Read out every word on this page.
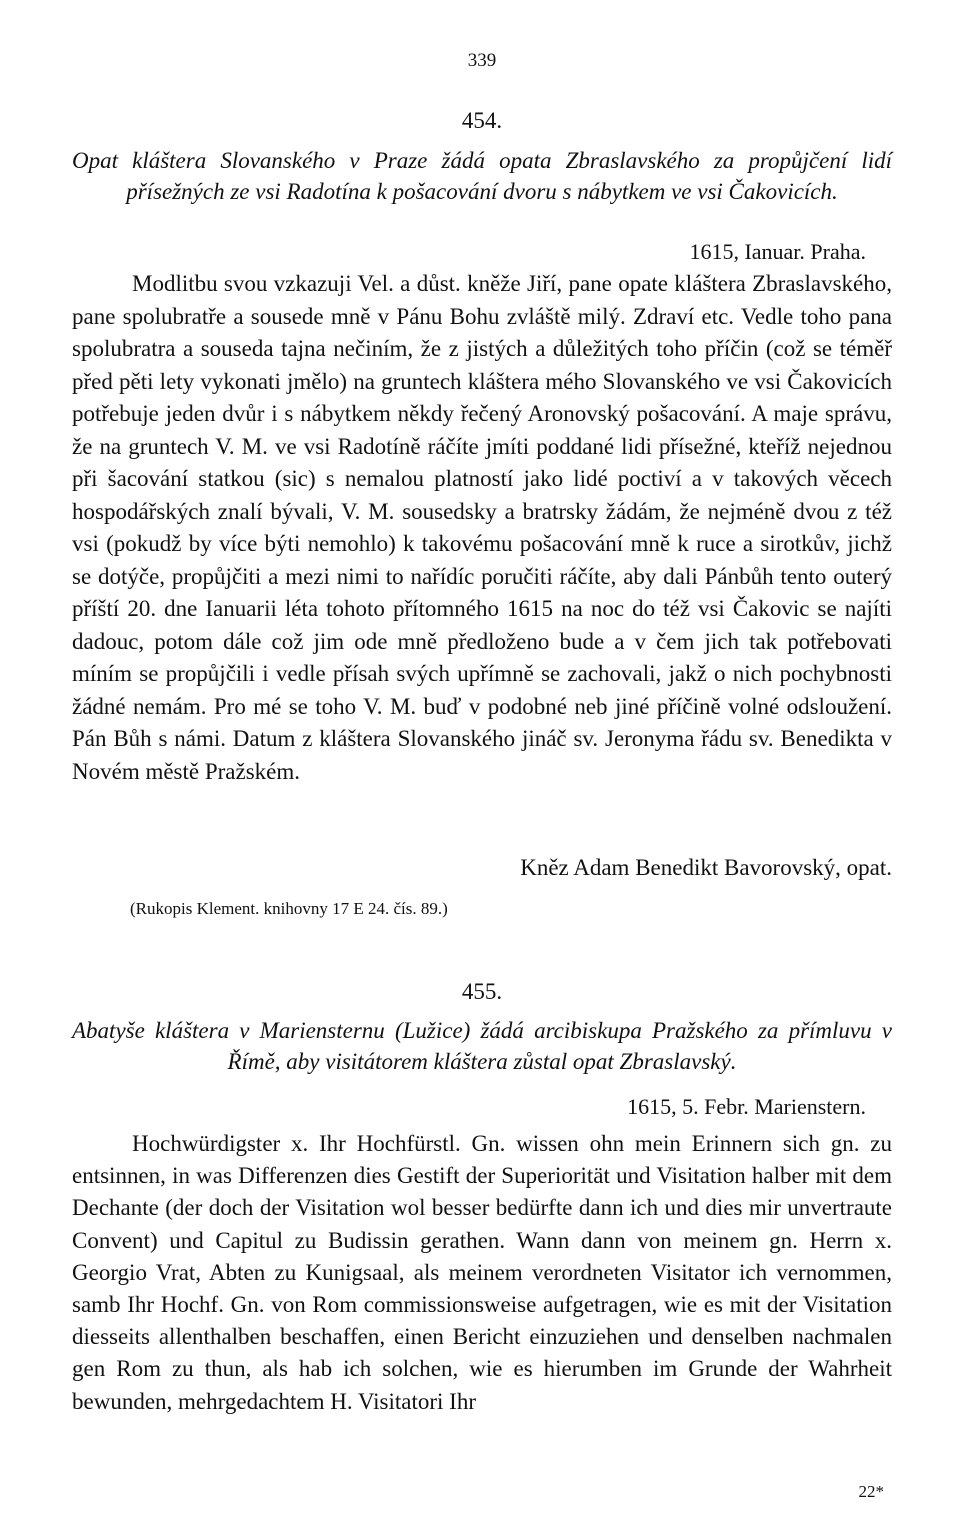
339
454.
Opat kláštera Slovanského v Praze žádá opata Zbraslavského za propůjčení lidí přísežných ze vsi Radotína k pošacování dvoru s nábytkem ve vsi Čakovicích.
1615, Ianuar. Praha.
Modlitbu svou vzkazuji Vel. a důst. kněže Jiří, pane opate kláštera Zbraslavského, pane spolubratře a sousede mně v Pánu Bohu zvláště milý. Zdraví etc. Vedle toho pana spolubratra a souseda tajna nečiním, že z jistých a důležitých toho příčin (což se téměř před pěti lety vykonati jmělo) na gruntech kláštera mého Slovanského ve vsi Čakovicích potřebuje jeden dvůr i s nábytkem někdy řečený Aronovský pošacování. A maje správu, že na gruntech V. M. ve vsi Radotíně ráčíte jmíti poddané lidi přísežné, kteříž nejednou při šacování statkou (sic) s nemalou platností jako lidé poctiví a v takových věcech hospodářských znalí bývali, V. M. sousedsky a bratrsky žádám, že nejméně dvou z též vsi (pokudž by více býti nemohlo) k takovému pošacování mně k ruce a sirotkův, jichž se dotýče, propůjčiti a mezi nimi to nařídíc poručiti ráčíte, aby dali Pánbůh tento outerý příští 20. dne Ianuarii léta tohoto přítomného 1615 na noc do též vsi Čakovic se najíti dadouc, potom dále což jim ode mně předloženo bude a v čem jich tak potřebovati míním se propůjčili i vedle přísah svých upřímně se zachovali, jakž o nich pochybnosti žádné nemám. Pro mé se toho V. M. buď v podobné neb jiné příčině volné odsloužení. Pán Bůh s námi. Datum z kláštera Slovanského jináč sv. Jeronyma řádu sv. Benedikta v Novém městě Pražském.
Kněz Adam Benedikt Bavorovský, opat.
(Rukopis Klement. knihovny 17 E 24. čís. 89.)
455.
Abatyše kláštera v Mariensternu (Lužice) žádá arcibiskupa Pražského za přímluvu v Římě, aby visitátorem kláštera zůstal opat Zbraslavský.
1615, 5. Febr. Marienstern.
Hochwürdigster x. Ihr Hochfürstl. Gn. wissen ohn mein Erinnern sich gn. zu entsinnen, in was Differenzen dies Gestift der Superiorität und Visitation halber mit dem Dechante (der doch der Visitation wol besser bedürfte dann ich und dies mir unvertraute Convent) und Capitul zu Budissin gerathen. Wann dann von meinem gn. Herrn x. Georgio Vrat, Abten zu Kunigsaal, als meinem verordneten Visitator ich vernommen, samb Ihr Hochf. Gn. von Rom commissionsweise aufgetragen, wie es mit der Visitation diesseits allenthalben beschaffen, einen Bericht einzuziehen und denselben nachmalen gen Rom zu thun, als hab ich solchen, wie es hierumben im Grunde der Wahrheit bewunden, mehrgedachtem H. Visitatori Ihr
22*
